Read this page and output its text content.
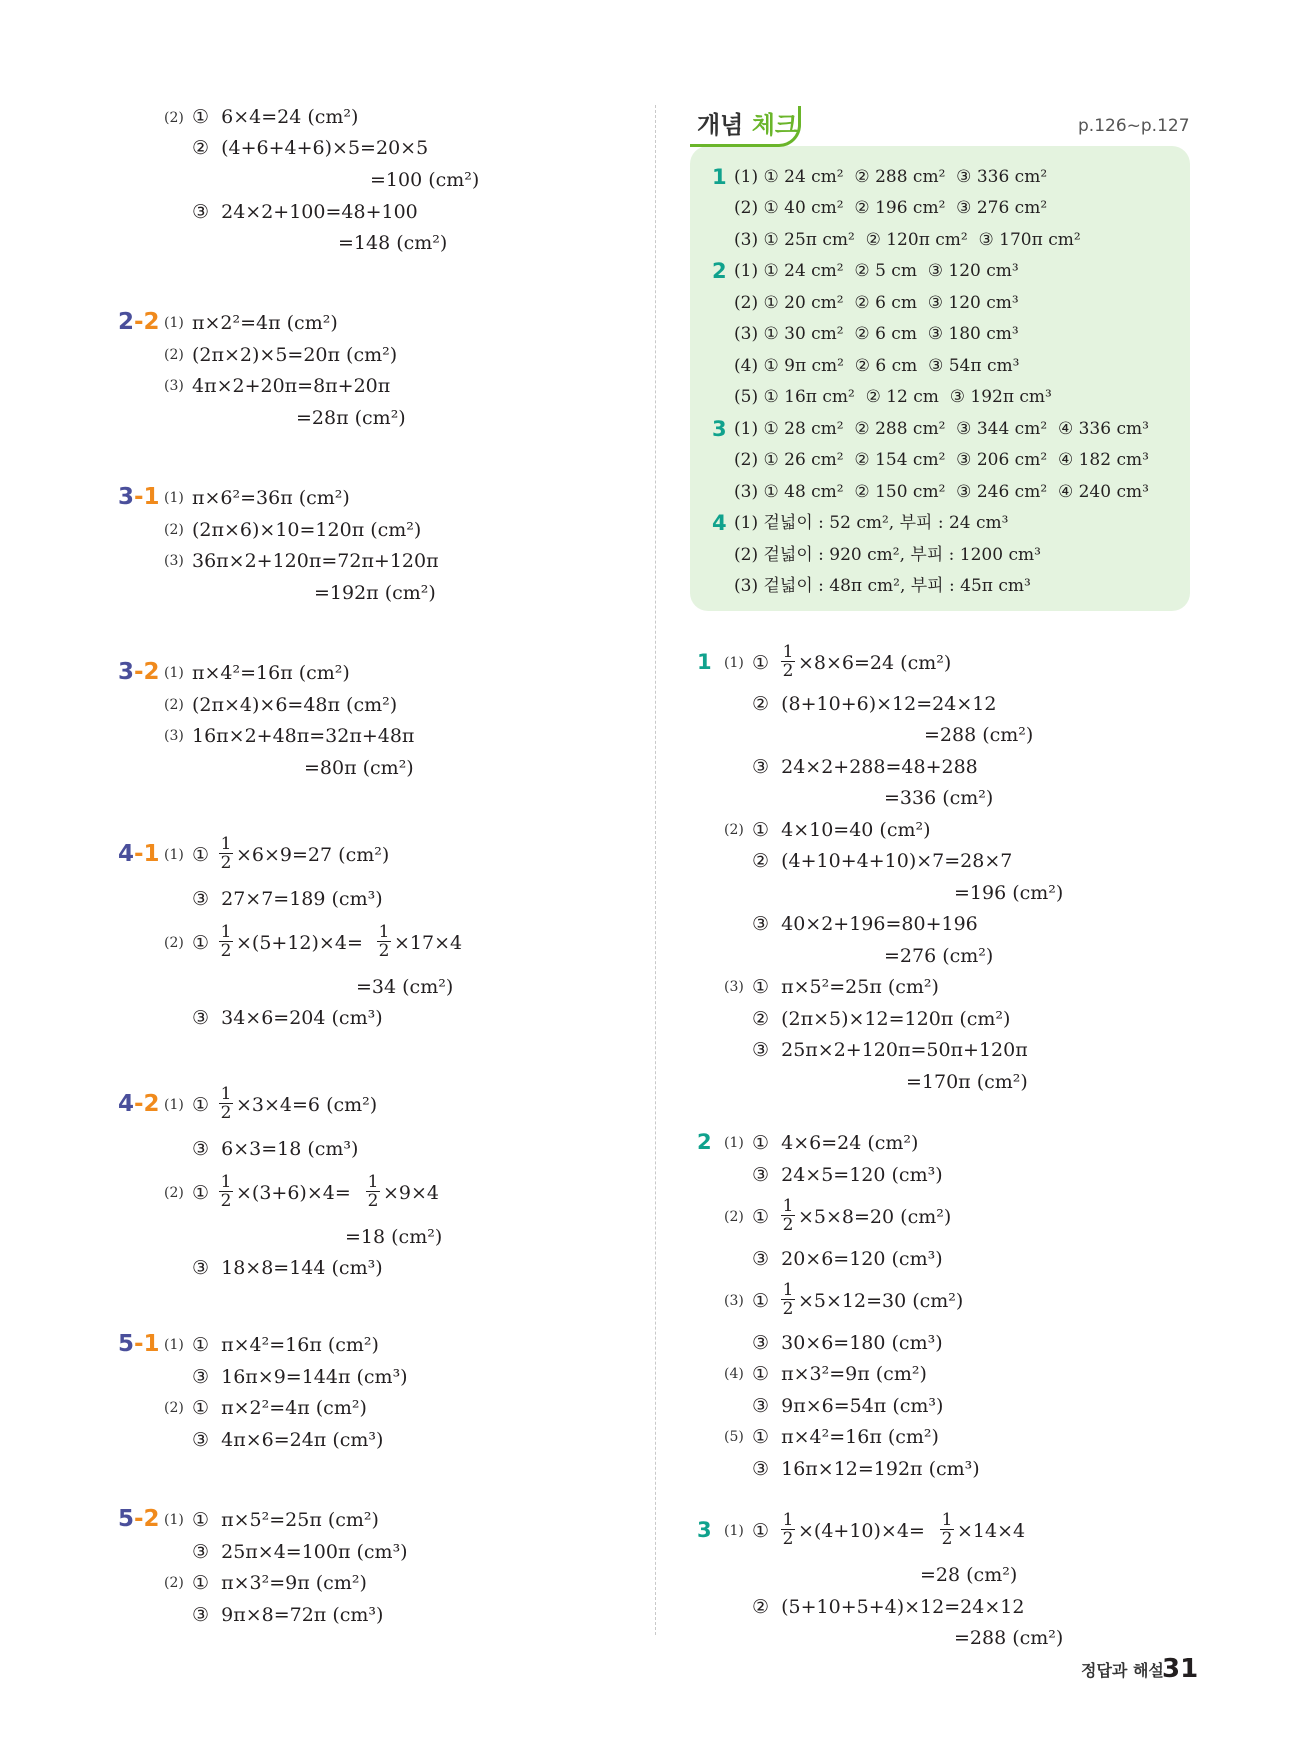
(2) ①  6×4=24 (cm²)
②  (4+6+4+6)×5=20×5
=100 (cm²)
③  24×2+100=48+100
=148 (cm²)
2-2 (1) π×2²=4π (cm²)
(2) (2π×2)×5=20π (cm²)
(3) 4π×2+20π=8π+20π
=28π (cm²)
3-1 (1) π×6²=36π (cm²)
(2) (2π×6)×10=120π (cm²)
(3) 36π×2+120π=72π+120π
=192π (cm²)
3-2 (1) π×4²=16π (cm²)
(2) (2π×4)×6=48π (cm²)
(3) 16π×2+48π=32π+48π
=80π (cm²)
4-1 (1) ① $\frac{1}{2} \times 6\times 9=27$ (cm²)
③  27×7=189 (cm³)
(2) ① $\frac{1}{2} \times(5+12)\times 4= \frac{1}{2} \times 17\times 4$
=34 (cm²)
③  34×6=204 (cm³)
4-2 (1) ① $\frac{1}{2} \times 3\times 4=6$ (cm²)
③  6×3=18 (cm³)
(2) ① $\frac{1}{2} \times(3+6)\times 4= \frac{1}{2} \times 9\times 4$
=18 (cm²)
③  18×8=144 (cm³)
5-1 (1) ①  π×4²=16π (cm²)
③  16π×9=144π (cm³)
(2) ①  π×2²=4π (cm²)
③  4π×6=24π (cm³)
5-2 (1) ①  π×5²=25π (cm²)
③  25π×4=100π (cm³)
(2) ①  π×3²=9π (cm²)
③  9π×8=72π (cm³)
개념 체크	p.126~p.127
1 (1) ① 24 cm²  ② 288 cm²  ③ 336 cm²
(2) ① 40 cm²  ② 196 cm²  ③ 276 cm²
(3) ① 25π cm²  ② 120π cm²  ③ 170π cm²
2 (1) ① 24 cm²  ② 5 cm  ③ 120 cm³
(2) ① 20 cm²  ② 6 cm  ③ 120 cm³
(3) ① 30 cm²  ② 6 cm  ③ 180 cm³
(4) ① 9π cm²  ② 6 cm  ③ 54π cm³
(5) ① 16π cm²  ② 12 cm  ③ 192π cm³
3 (1) ① 28 cm²  ② 288 cm²  ③ 344 cm²  ④ 336 cm³
(2) ① 26 cm²  ② 154 cm²  ③ 206 cm²  ④ 182 cm³
(3) ① 48 cm²  ② 150 cm²  ③ 246 cm²  ④ 240 cm³
4 (1) 겉넓이 : 52 cm², 부피 : 24 cm³
(2) 겉넓이 : 920 cm², 부피 : 1200 cm³
(3) 겉넓이 : 48π cm², 부피 : 45π cm³
1 (1) ① $\frac{1}{2} \times 8\times 6=24$ (cm²)
②  (8+10+6)×12=24×12
=288 (cm²)
③  24×2+288=48+288
=336 (cm²)
(2) ①  4×10=40 (cm²)
②  (4+10+4+10)×7=28×7
=196 (cm²)
③  40×2+196=80+196
=276 (cm²)
(3) ①  π×5²=25π (cm²)
②  (2π×5)×12=120π (cm²)
③  25π×2+120π=50π+120π
=170π (cm²)
2 (1) ①  4×6=24 (cm²)
③  24×5=120 (cm³)
(2) ① $\frac{1}{2} \times 5\times 8=20$ (cm²)
③  20×6=120 (cm³)
(3) ① $\frac{1}{2} \times 5\times 12=30$ (cm²)
③  30×6=180 (cm³)
(4) ①  π×3²=9π (cm²)
③  9π×6=54π (cm³)
(5) ①  π×4²=16π (cm²)
③  16π×12=192π (cm³)
3 (1) ① $\frac{1}{2} \times(4+10)\times 4= \frac{1}{2} \times 14\times 4$
=28 (cm²)
②  (5+10+5+4)×12=24×12
=288 (cm²)
정답과 해설
31
